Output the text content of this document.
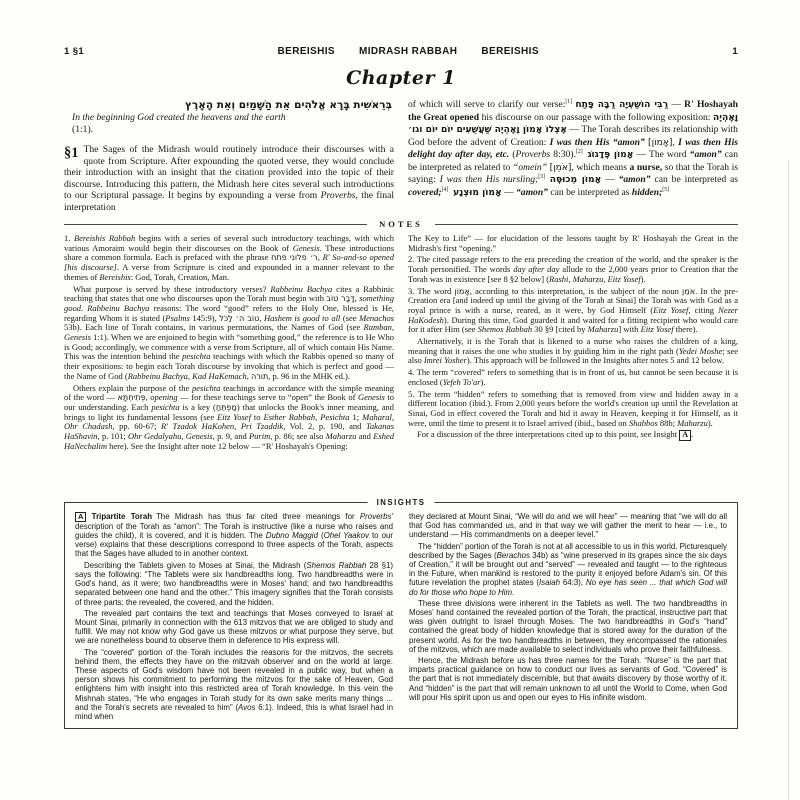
1 §1	BEREISHIS MIDRASH RABBAH BEREISHIS	1
Chapter 1
בְּרֵאשִׁית בָּרָא אֱלֹהִים אֵת הַשָּׁמַיִם וְאֵת הָאָרֶץ
In the beginning God created the heavens and the earth
(1:1).
§1 The Sages of the Midrash would routinely introduce their discourses with a quote from Scripture. After expounding the quoted verse, they would conclude their introduction with an insight that the citation provided into the topic of their discourse. Introducing this pattern, the Midrash here cites several such introductions to our Scriptural passage. It begins by expounding a verse from Proverbs, the final interpretation
of which will serve to clarify our verse:[1] רַבִּי הוֹשַׁעְיָה רַבָּה פָּתַח — R' Hoshayah the Great opened his discourse on our passage with the following exposition: וָאֶהְיֶה אֶצְלוֹ אָמוֹן וָאֶהְיֶה שַׁעֲשֻׁעִים יוֹם יוֹם וגו׳ — The Torah describes its relationship with God before the advent of Creation: I was then His “amon” [אָמוֹן], I was then His delight day after day, etc. (Proverbs 8:30).[2]  אָמוֹן פֶּדָגוֹג — The word “amon” can be interpreted as related to “omein” [אֹמֵן], which means a nurse, so that the Torah is saying: I was then His nursling;[3]  אָמוֹן מְכוּסֶּה — “amon” can be interpreted as covered;[4]  אָמוֹן מוּצְנָע — “amon” can be interpreted as hidden;[5]
NOTES

1. Bereishis Rabbah begins with a series of several such introductory teachings, with which various Amoraim would begin their discourses on the Book of Genesis. These introductions share a common formula. Each is prefaced with the phrase ר׳ פלוני פתח, R' So-and-so opened [his discourse]. A verse from Scripture is cited and expounded in a manner relevant to the themes of Bereishis: God, Torah, Creation, Man.

What purpose is served by these introductory verses? Rabbeinu Bachya cites a Rabbinic teaching that states that one who discourses upon the Torah must begin with דָּבָר טוֹב, something good. Rabbeinu Bachya reasons: The word “good” refers to the Holy One, blessed is He, regarding Whom it is stated (Psalms 145:9), טוֹב ה׳ לַכֹּל, Hashem is good to all (see Menachos 53b). Each line of Torah contains, in various permutations, the Names of God (see Ramban, Genesis 1:1). When we are enjoined to begin with “something good,” the reference is to He Who is Good; accordingly, we commence with a verse from Scripture, all of which contain His Name. This was the intention behind the pesichta teachings with which the Rabbis opened so many of their expositions: to begin each Torah discourse by invoking that which is perfect and good — the Name of God (Rabbeinu Bachya, Kad HaKemach, תורה, p. 96 in the MHK ed.).

Others explain the purpose of the pesichta teachings in accordance with the simple meaning of the word — פְּתִיחְתָּא, opening — for these teachings serve to “open” the Book of Genesis to our understanding. Each pesichta is a key (מַפְתֵּחַ) that unlocks the Book's inner meaning, and brings to light its fundamental lessons (see Eitz Yosef to Esther Rabbah, Pesichta 1; Maharal, Ohr Chadash, pp. 60-67; R' Tzadok HaKohen, Pri Tzaddik, Vol. 2, p. 190, and Takanas HaShavin, p. 101; Ohr Gedalyahu, Genesis, p. 9, and Purim, p. 86; see also Maharzu and Eshed HaNechalim here). See the Insight after note 12 below — “R' Hoshayah's Opening:

The Key to Life” — for elucidation of the lessons taught by R' Hoshayah the Great in the Midrash's first “opening.”

2. The cited passage refers to the era preceding the creation of the world, and the speaker is the Torah personified. The words day after day allude to the 2,000 years prior to Creation that the Torah was in existence [see 8 §2 below] (Rashi, Maharzu, Eitz Yosef).

3. The word אָמוֹן, according to this interpretation, is the subject of the noun אֹמֵן. In the pre-Creation era [and indeed up until the giving of the Torah at Sinai] the Torah was with God as a royal prince is with a nurse, reared, as it were, by God Himself (Eitz Yosef, citing Nezer HaKodesh). During this time, God guarded it and waited for a fitting recipient who would care for it after Him (see Shemos Rabbah 30 §9 [cited by Maharzu] with Eitz Yosef there).

Alternatively, it is the Torah that is likened to a nurse who raises the children of a king, meaning that it raises the one who studies it by guiding him in the right path (Yedei Moshe; see also Imrei Yosher). This approach will be followed in the Insights after notes 5 and 12 below.

4. The term “covered” refers to something that is in front of us, but cannot be seen because it is enclosed (Yefeh To'ar).

5. The term “hidden” refers to something that is removed from view and hidden away in a different location (ibid.). From 2,000 years before the world's creation up until the Revelation at Sinai, God in effect covered the Torah and hid it away in Heaven, keeping it for Himself, as it were, until the time to present it to Israel arrived (ibid., based on Shabbos 88b; Maharzu).

For a discussion of the three interpretations cited up to this point, see Insight A .

INSIGHTS

A Tripartite Torah The Midrash has thus far cited three meanings for Proverbs' description of the Torah as “amon”: The Torah is instructive (like a nurse who raises and guides the child), it is covered, and it is hidden. The Dubno Maggid (Ohel Yaakov to our verse) explains that these descriptions correspond to three aspects of the Torah, aspects that the Sages have alluded to in another context.

Describing the Tablets given to Moses at Sinai, the Midrash (Shemos Rabbah 28 §1) says the following: “The Tablets were six handbreadths long. Two handbreadths were in God's hand, as it were; two handbreadths were in Moses' hand; and two handbreadths separated between one hand and the other.” This imagery signifies that the Torah consists of three parts: the revealed, the covered, and the hidden.

The revealed part contains the text and teachings that Moses conveyed to Israel at Mount Sinai, primarily in connection with the 613 mitzvos that we are obliged to study and fulfill. We may not know why God gave us these mitzvos or what purpose they serve, but we are nonetheless bound to observe them in deference to His express will.

The “covered” portion of the Torah includes the reasons for the mitzvos, the secrets behind them, the effects they have on the mitzvah observer and on the world at large. These aspects of God's wisdom have not been revealed in a public way, but when a person shows his commitment to performing the mitzvos for the sake of Heaven, God enlightens him with insight into this restricted area of Torah knowledge. In this vein the Mishnah states, “He who engages in Torah study for its own sake merits many things ... and the Torah's secrets are revealed to him” (Avos 6:1). Indeed, this is what Israel had in mind when

they declared at Mount Sinai, “We will do and we will hear” — meaning that “we will do all that God has commanded us, and in that way we will gather the merit to hear — i.e., to understand — His commandments on a deeper level.”

The “hidden” portion of the Torah is not at all accessible to us in this world. Picturesquely described by the Sages (Berachos 34b) as “wine preserved in its grapes since the six days of Creation,” it will be brought out and “served” — revealed and taught — to the righteous in the Future, when mankind is restored to the purity it enjoyed before Adam's sin. Of this future revelation the prophet states (Isaiah 64:3), No eye has seen ... that which God will do for those who hope to Him.

These three divisions were inherent in the Tablets as well. The two handbreadths in Moses' hand contained the revealed portion of the Torah, the practical, instructive part that was given outright to Israel through Moses. The two handbreadths in God's “hand” contained the great body of hidden knowledge that is stored away for the duration of the present world. As for the two handbreadths in between, they encompassed the rationales of the mitzvos, which are made available to select individuals who prove their faithfulness.

Hence, the Midrash before us has three names for the Torah. “Nurse” is the part that imparts practical guidance on how to conduct our lives as servants of God. “Covered” is the part that is not immediately discernible, but that awaits discovery by those worthy of it. And “hidden” is the part that will remain unknown to all until the World to Come, when God will pour His spirit upon us and open our eyes to His infinite wisdom.
